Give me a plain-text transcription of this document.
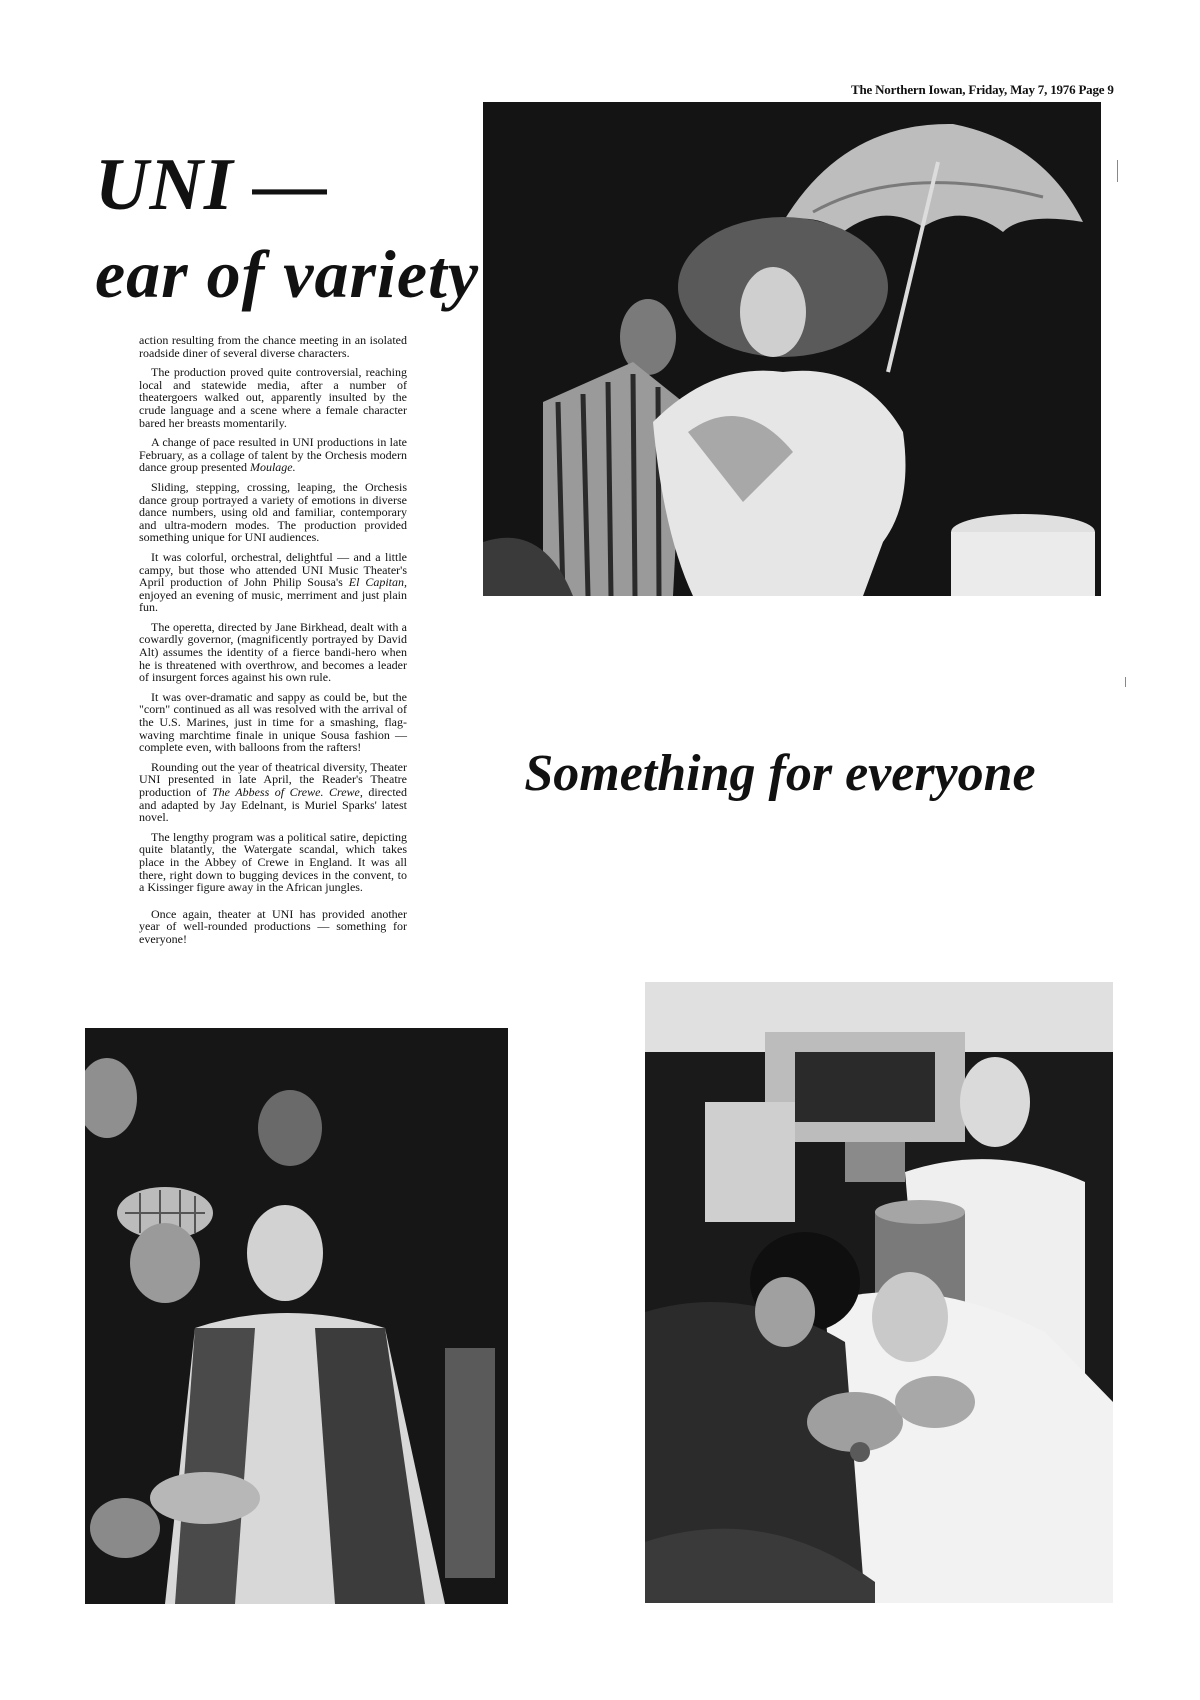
The Northern Iowan, Friday, May 7, 1976 Page 9
UNI —
ear of variety

action resulting from the chance meeting in an isolated roadside diner of several diverse characters.

The production proved quite controversial, reaching local and statewide media, after a number of theatergoers walked out, apparently insulted by the crude language and a scene where a female character bared her breasts momentarily.

A change of pace resulted in UNI productions in late February, as a collage of talent by the Orchesis modern dance group presented Moulage.

Sliding, stepping, crossing, leaping, the Orchesis dance group portrayed a variety of emotions in diverse dance numbers, using old and familiar, contemporary and ultra-modern modes. The production provided something unique for UNI audiences.

It was colorful, orchestral, delightful — and a little campy, but those who attended UNI Music Theater's April production of John Philip Sousa's El Capitan, enjoyed an evening of music, merriment and just plain fun.

The operetta, directed by Jane Birkhead, dealt with a cowardly governor, (magnificently portrayed by David Alt) assumes the identity of a fierce bandi-hero when he is threatened with overthrow, and becomes a leader of insurgent forces against his own rule.

It was over-dramatic and sappy as could be, but the "corn" continued as all was resolved with the arrival of the U.S. Marines, just in time for a smashing, flag-waving marchtime finale in unique Sousa fashion — complete even, with balloons from the rafters!

Rounding out the year of theatrical diversity, Theater UNI presented in late April, the Reader's Theatre production of The Abbess of Crewe. Crewe, directed and adapted by Jay Edelnant, is Muriel Sparks' latest novel.

The lengthy program was a political satire, depicting quite blatantly, the Watergate scandal, which takes place in the Abbey of Crewe in England. It was all there, right down to bugging devices in the convent, to a Kissinger figure away in the African jungles.

Once again, theater at UNI has provided another year of well-rounded productions — something for everyone!

Something for everyone
